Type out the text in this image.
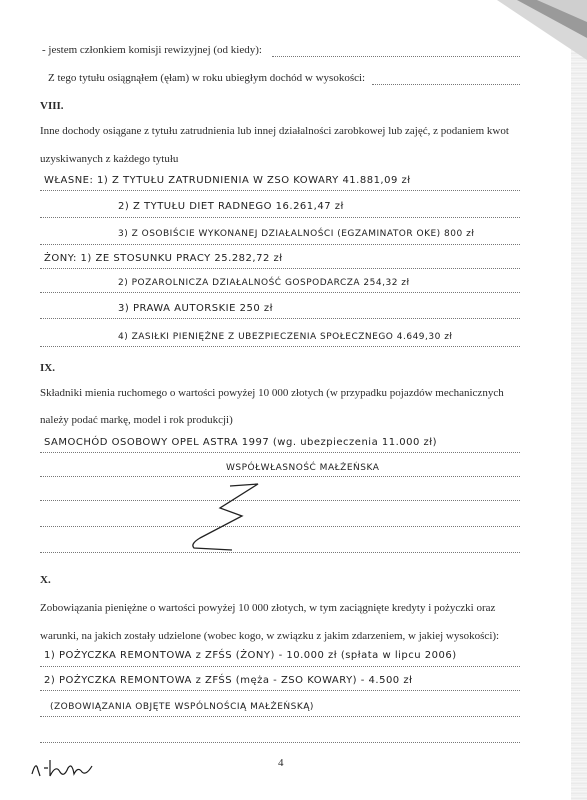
- jestem członkiem komisji rewizyjnej (od kiedy):
Z tego tytułu osiągnąłem (ęłam) w roku ubiegłym dochód w wysokości:
VIII.
Inne dochody osiągane z tytułu zatrudnienia lub innej działalności zarobkowej lub zajęć, z podaniem kwot
uzyskiwanych z każdego tytułu
WŁASNE: 1) Z TYTUŁU ZATRUDNIENIA W ZSO KOWARY 41.881,09 zł
2) Z TYTUŁU DIET RADNEGO 16.261,47 zł
3) Z OSOBIŚCIE WYKONANEJ DZIAŁALNOŚCI (EGZAMINATOR OKE) 800 zł
ŻONY: 1) ZE STOSUNKU PRACY 25.282,72 zł
2) POZAROLNICZA DZIAŁALNOŚĆ GOSPODARCZA 254,32 zł
3) PRAWA AUTORSKIE 250 zł
4) ZASIŁKI PIENIĘŻNE Z UBEZPIECZENIA SPOŁECZNEGO 4.649,30 zł
IX.
Składniki mienia ruchomego o wartości powyżej 10 000 złotych (w przypadku pojazdów mechanicznych
należy podać markę, model i rok produkcji)
SAMOCHÓD OSOBOWY OPEL ASTRA 1997 (wg. ubezpieczenia 11.000 zł)
WSPÓŁWŁASNOŚĆ MAŁŻEŃSKA
X.
Zobowiązania pieniężne o wartości powyżej 10 000 złotych, w tym zaciągnięte kredyty i pożyczki oraz
warunki, na jakich zostały udzielone (wobec kogo, w związku z jakim zdarzeniem, w jakiej wysokości):
1) POŻYCZKA REMONTOWA z ZFŚS (ŻONY) - 10.000 zł (spłata w lipcu 2006)
2) POŻYCZKA REMONTOWA z ZFŚS (męża - ZSO KOWARY) - 4.500 zł
(ZOBOWIĄZANIA OBJĘTE WSPÓLNOŚCIĄ MAŁŻEŃSKĄ)
4
